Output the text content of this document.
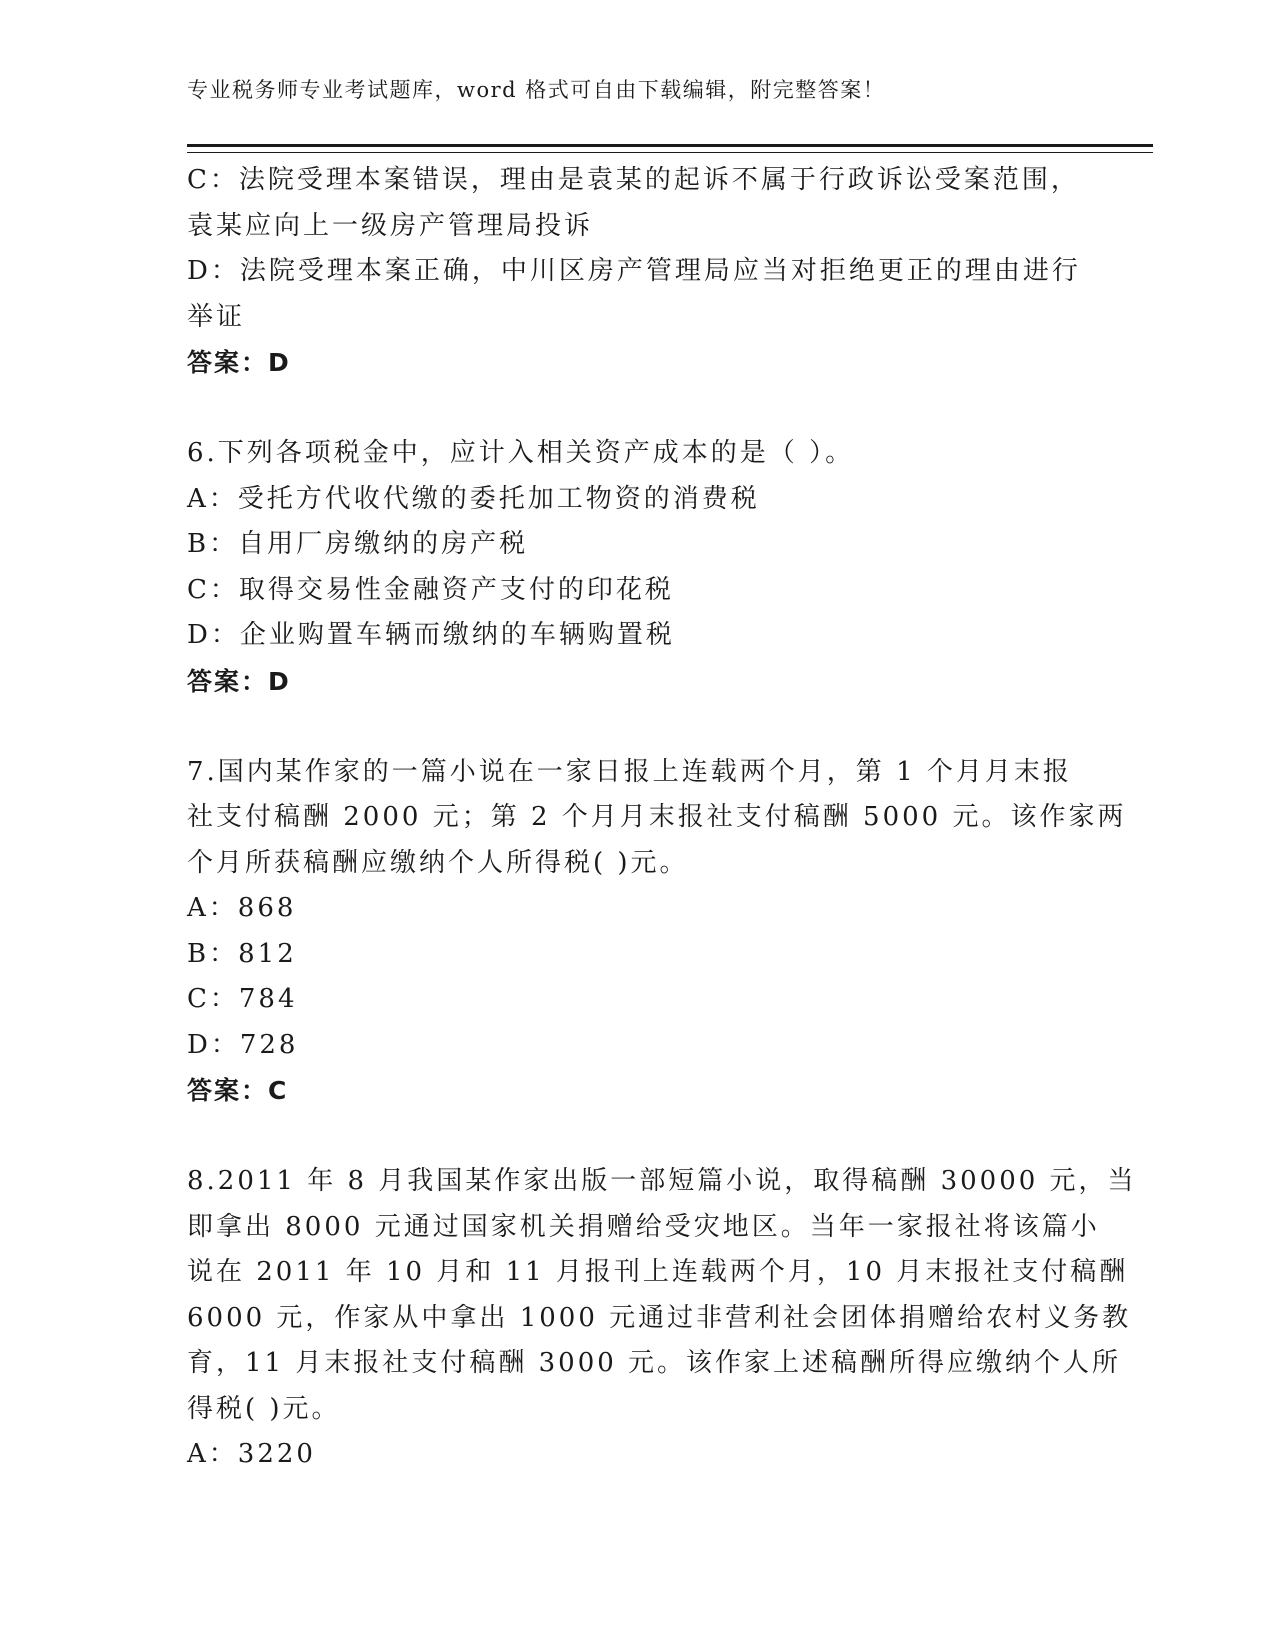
专业税务师专业考试题库，word 格式可自由下载编辑，附完整答案！

C：法院受理本案错误，理由是袁某的起诉不属于行政诉讼受案范围，

袁某应向上一级房产管理局投诉

D：法院受理本案正确，中川区房产管理局应当对拒绝更正的理由进行

举证

答案：D

6.下列各项税金中，应计入相关资产成本的是（ ）。

A：受托方代收代缴的委托加工物资的消费税

B：自用厂房缴纳的房产税

C：取得交易性金融资产支付的印花税

D：企业购置车辆而缴纳的车辆购置税

答案：D

7.国内某作家的一篇小说在一家日报上连载两个月，第 1 个月月末报

社支付稿酬 2000 元；第 2 个月月末报社支付稿酬 5000 元。该作家两

个月所获稿酬应缴纳个人所得税( )元。

A：868

B：812

C：784

D：728

答案：C

8.2011 年 8 月我国某作家出版一部短篇小说，取得稿酬 30000 元，当

即拿出 8000 元通过国家机关捐赠给受灾地区。当年一家报社将该篇小

说在 2011 年 10 月和 11 月报刊上连载两个月，10 月末报社支付稿酬

6000 元，作家从中拿出 1000 元通过非营利社会团体捐赠给农村义务教

育，11 月末报社支付稿酬 3000 元。该作家上述稿酬所得应缴纳个人所

得税( )元。

A：3220
